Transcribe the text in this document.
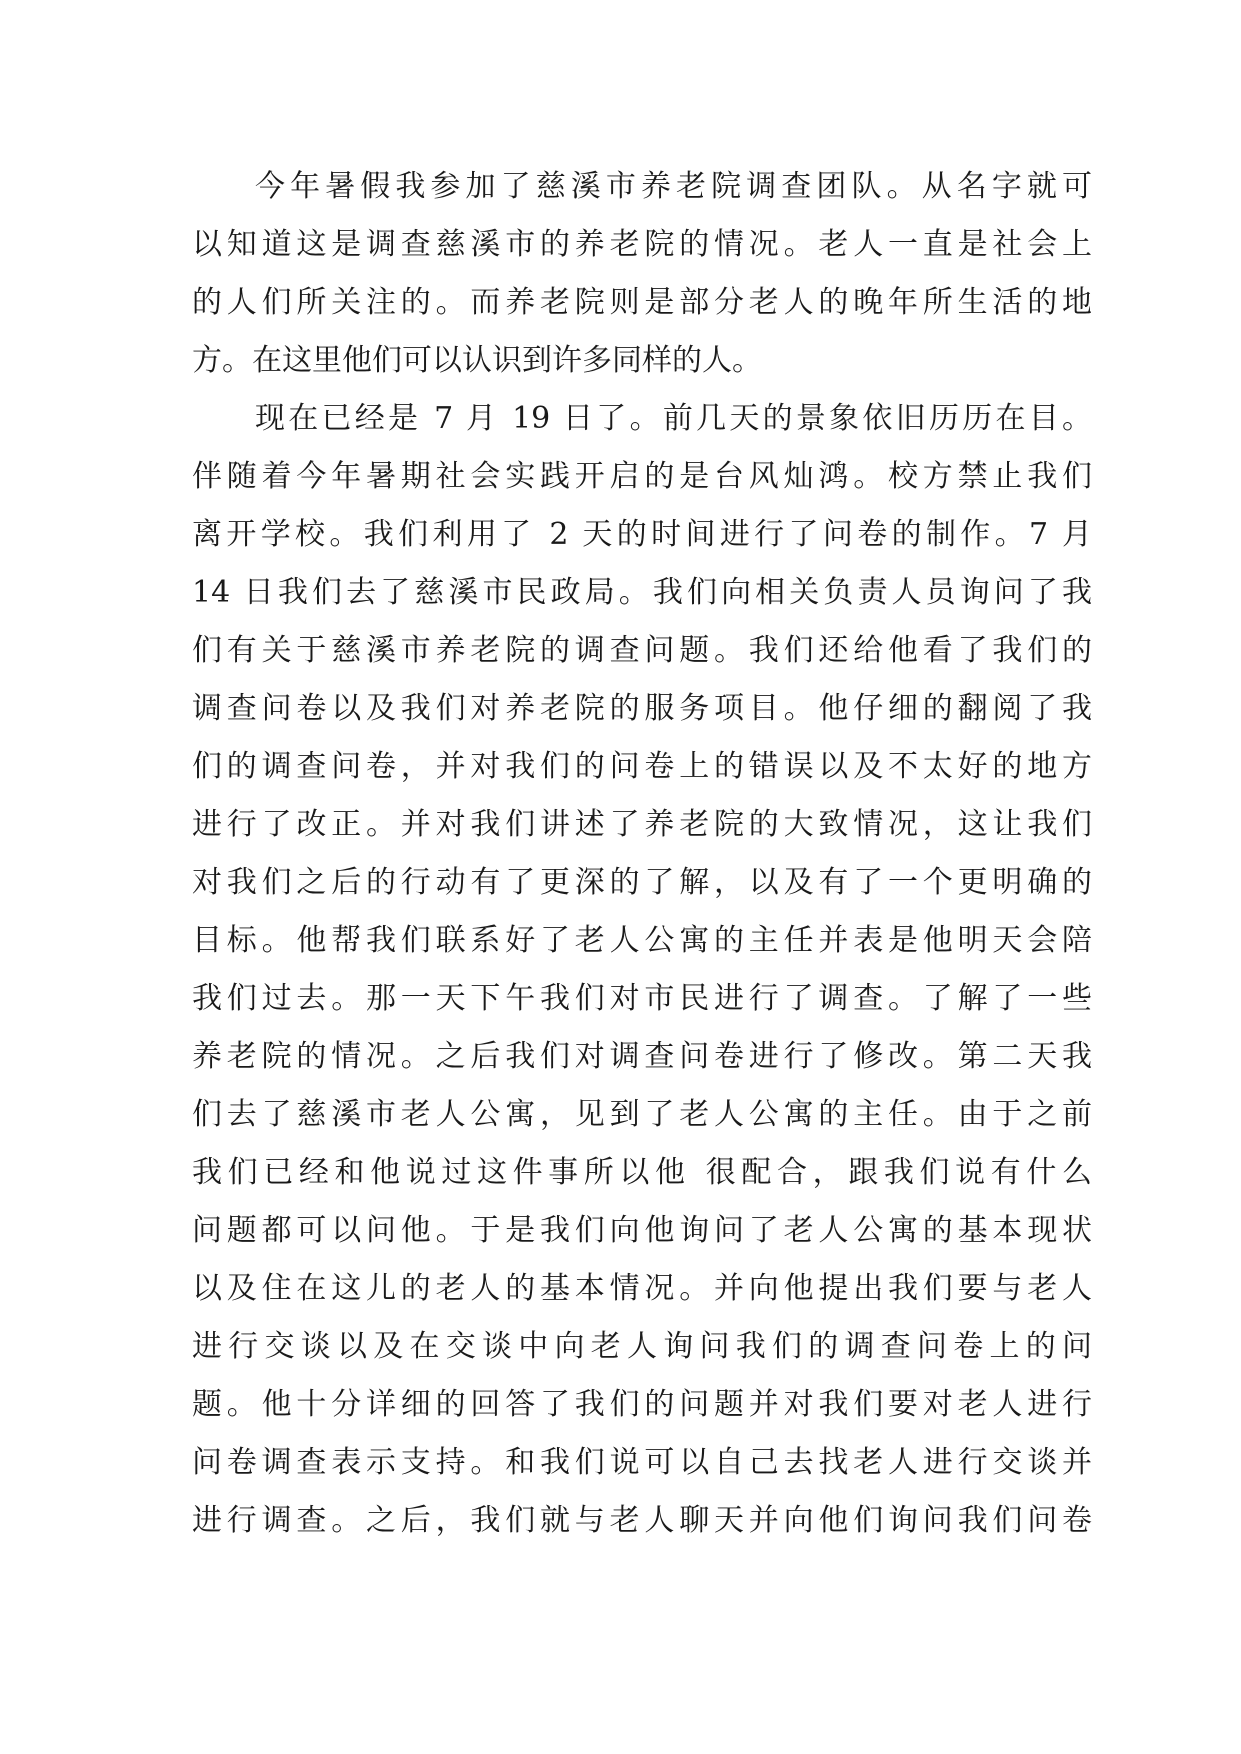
今年暑假我参加了慈溪市养老院调查团队。从名字就可
以知道这是调查慈溪市的养老院的情况。老人一直是社会上
的人们所关注的。而养老院则是部分老人的晚年所生活的地
方。在这里他们可以认识到许多同样的人。
现在已经是 7 月 19 日了。前几天的景象依旧历历在目。
伴随着今年暑期社会实践开启的是台风灿鸿。校方禁止我们
离开学校。我们利用了 2 天的时间进行了问卷的制作。7 月
14 日我们去了慈溪市民政局。我们向相关负责人员询问了我
们有关于慈溪市养老院的调查问题。我们还给他看了我们的
调查问卷以及我们对养老院的服务项目。他仔细的翻阅了我
们的调查问卷，并对我们的问卷上的错误以及不太好的地方
进行了改正。并对我们讲述了养老院的大致情况，这让我们
对我们之后的行动有了更深的了解，以及有了一个更明确的
目标。他帮我们联系好了老人公寓的主任并表是他明天会陪
我们过去。那一天下午我们对市民进行了调查。了解了一些
养老院的情况。之后我们对调查问卷进行了修改。第二天我
们去了慈溪市老人公寓，见到了老人公寓的主任。由于之前
我们已经和他说过这件事所以他 很配合，跟我们说有什么
问题都可以问他。于是我们向他询问了老人公寓的基本现状
以及住在这儿的老人的基本情况。并向他提出我们要与老人
进行交谈以及在交谈中向老人询问我们的调查问卷上的问
题。他十分详细的回答了我们的问题并对我们要对老人进行
问卷调查表示支持。和我们说可以自己去找老人进行交谈并
进行调查。之后，我们就与老人聊天并向他们询问我们问卷
